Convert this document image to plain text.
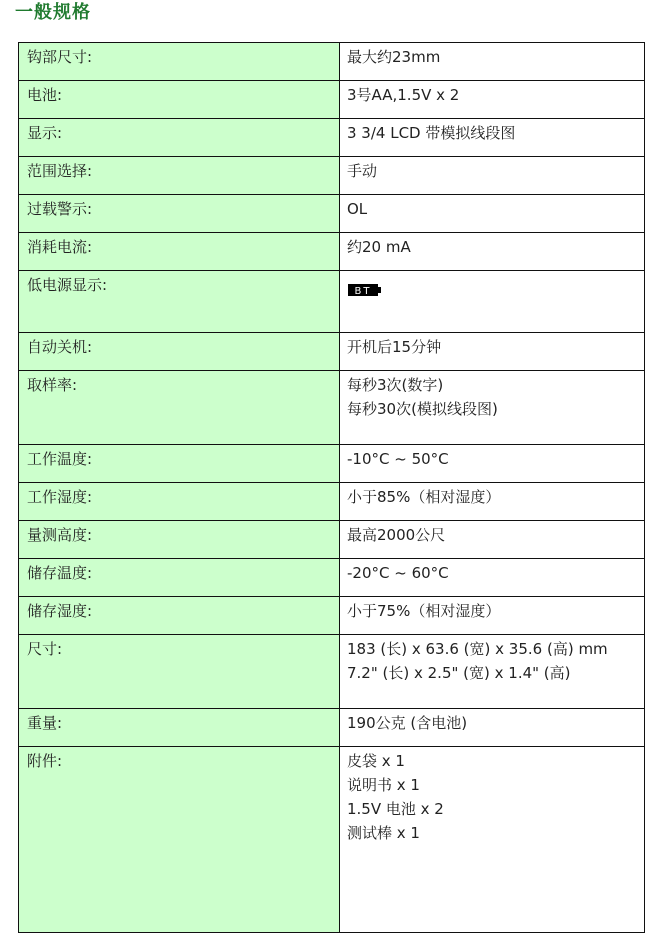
一般规格
钩部尺寸:	最大约23mm

电池:	3号AA,1.5V x 2

显示:	3 3/4 LCD 带模拟线段图

范围选择:	手动

过载警示:	OL

消耗电流:	约20 mA

低电源显示:	BT

自动关机:	开机后15分钟

取样率:	每秒3次(数字)
每秒30次(模拟线段图)

工作温度:	-10°C ~ 50°C

工作湿度:	小于85%（相对湿度）

量测高度:	最高2000公尺

储存温度:	-20°C ~ 60°C

储存湿度:	小于75%（相对湿度）

尺寸:	183 (长) x 63.6 (宽) x 35.6 (高) mm
7.2" (长) x 2.5" (宽) x 1.4" (高)

重量:	190公克 (含电池)

附件:	皮袋 x 1
说明书 x 1
1.5V 电池 x 2
测试棒 x 1
